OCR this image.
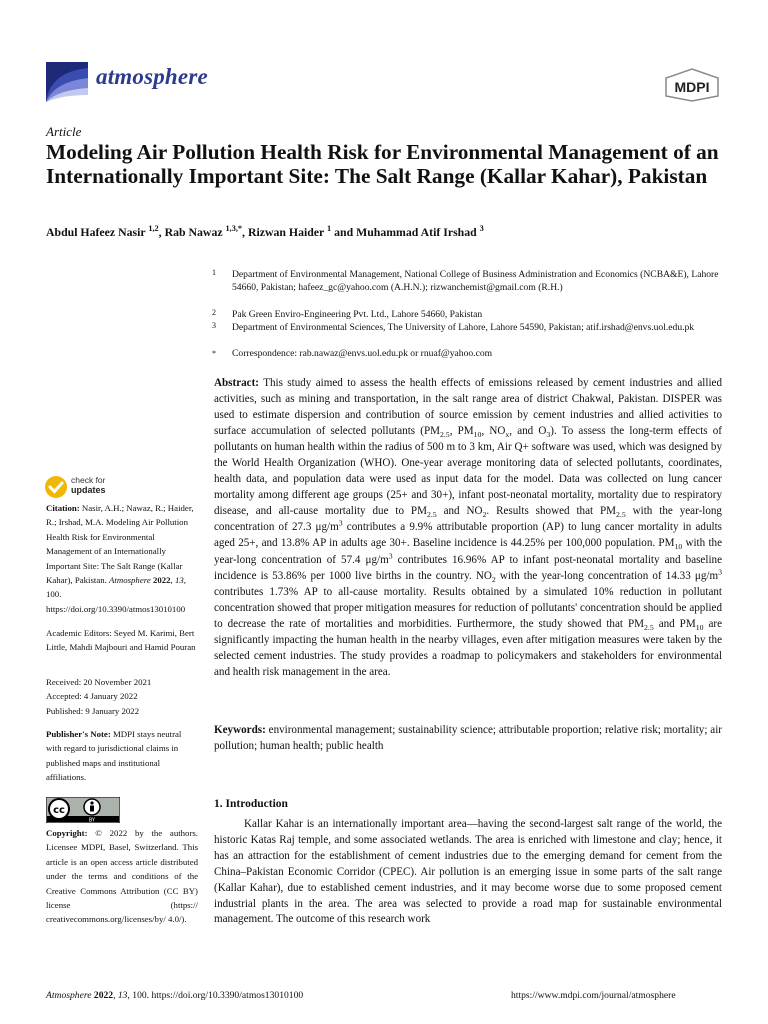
atmosphere	MDPI
Article
Modeling Air Pollution Health Risk for Environmental Management of an Internationally Important Site: The Salt Range (Kallar Kahar), Pakistan
Abdul Hafeez Nasir $^{1,2}$, Rab Nawaz $^{1,3,*}$, Rizwan Haider $^1$ and Muhammad Atif Irshad $^3$
1 Department of Environmental Management, National College of Business Administration and Economics (NCBA&E), Lahore 54660, Pakistan; hafeez_gc@yahoo.com (A.H.N.); rizwanchemist@gmail.com (R.H.)
2 Pak Green Enviro-Engineering Pvt. Ltd., Lahore 54660, Pakistan
3 Department of Environmental Sciences, The University of Lahore, Lahore 54590, Pakistan; atif.irshad@envs.uol.edu.pk
* Correspondence: rab.nawaz@envs.uol.edu.pk or rnuaf@yahoo.com
Abstract: This study aimed to assess the health effects of emissions released by cement industries and allied activities, such as mining and transportation, in the salt range area of district Chakwal, Pakistan. DISPER was used to estimate dispersion and contribution of source emission by cement industries and allied activities to surface accumulation of selected pollutants ($PM_{2.5}$, $PM_{10}$, $NO_x$, and $O_3$). To assess the long-term effects of pollutants on human health within the radius of 500 m to 3 km, Air Q+ software was used, which was designed by the World Health Organization (WHO). One-year average monitoring data of selected pollutants, coordinates, health data, and population data were used as input data for the model. Data was collected on lung cancer mortality among different age groups (25+ and 30+), infant post-neonatal mortality, mortality due to respiratory disease, and all-cause mortality due to $PM_{2.5}$ and $NO_2$. Results showed that $PM_{2.5}$ with the year-long concentration of 27.3 $\mu g/m^3$ contributes a 9.9% attributable proportion (AP) to lung cancer mortality in adults aged 25+, and 13.8% AP in adults age 30+. Baseline incidence is 44.25% per 100,000 population. $PM_{10}$ with the year-long concentration of 57.4 $\mu g/m^3$ contributes 16.96% AP to infant post-neonatal mortality and baseline incidence is 53.86% per 1000 live births in the country. $NO_2$ with the year-long concentration of 14.33 $\mu g/m^3$ contributes 1.73% AP to all-cause mortality. Results obtained by a simulated 10% reduction in pollutant concentration showed that proper mitigation measures for reduction of pollutants' concentration should be applied to decrease the rate of mortalities and morbidities. Furthermore, the study showed that $PM_{2.5}$ and $PM_{10}$ are significantly impacting the human health in the nearby villages, even after mitigation measures were taken by the selected cement industries. The study provides a roadmap to policymakers and stakeholders for environmental and health risk management in the area.
Keywords: environmental management; sustainability science; attributable proportion; relative risk; mortality; air pollution; human health; public health
check for
updates
Citation: Nasir, A.H.; Nawaz, R.; Haider, R.; Irshad, M.A. Modeling Air Pollution Health Risk for Environmental Management of an Internationally Important Site: The Salt Range (Kallar Kahar), Pakistan. Atmosphere 2022, 13, 100. https://doi.org/10.3390/atmos13010100
Academic Editors: Seyed M. Karimi, Bert Little, Mahdi Majbouri and Hamid Pouran
Received: 20 November 2021
Accepted: 4 January 2022
Published: 9 January 2022
Publisher's Note: MDPI stays neutral with regard to jurisdictional claims in published maps and institutional affiliations.
cc
BY
Copyright: © 2022 by the authors. Licensee MDPI, Basel, Switzerland. This article is an open access article distributed under the terms and conditions of the Creative Commons Attribution (CC BY) license (https:// creativecommons.org/licenses/by/ 4.0/).
1. Introduction
Kallar Kahar is an internationally important area—having the second-largest salt range of the world, the historic Katas Raj temple, and some associated wetlands. The area is enriched with limestone and clay; hence, it has an attraction for the establishment of cement industries due to the emerging demand for cement from the China–Pakistan Economic Corridor (CPEC). Air pollution is an emerging issue in some parts of the salt range (Kallar Kahar), due to established cement industries, and it may become worse due to some proposed cement industrial plants in the area. The area was selected to provide a road map for sustainable environmental management. The outcome of this research work
Atmosphere 2022, 13, 100. https://doi.org/10.3390/atmos13010100	https://www.mdpi.com/journal/atmosphere
